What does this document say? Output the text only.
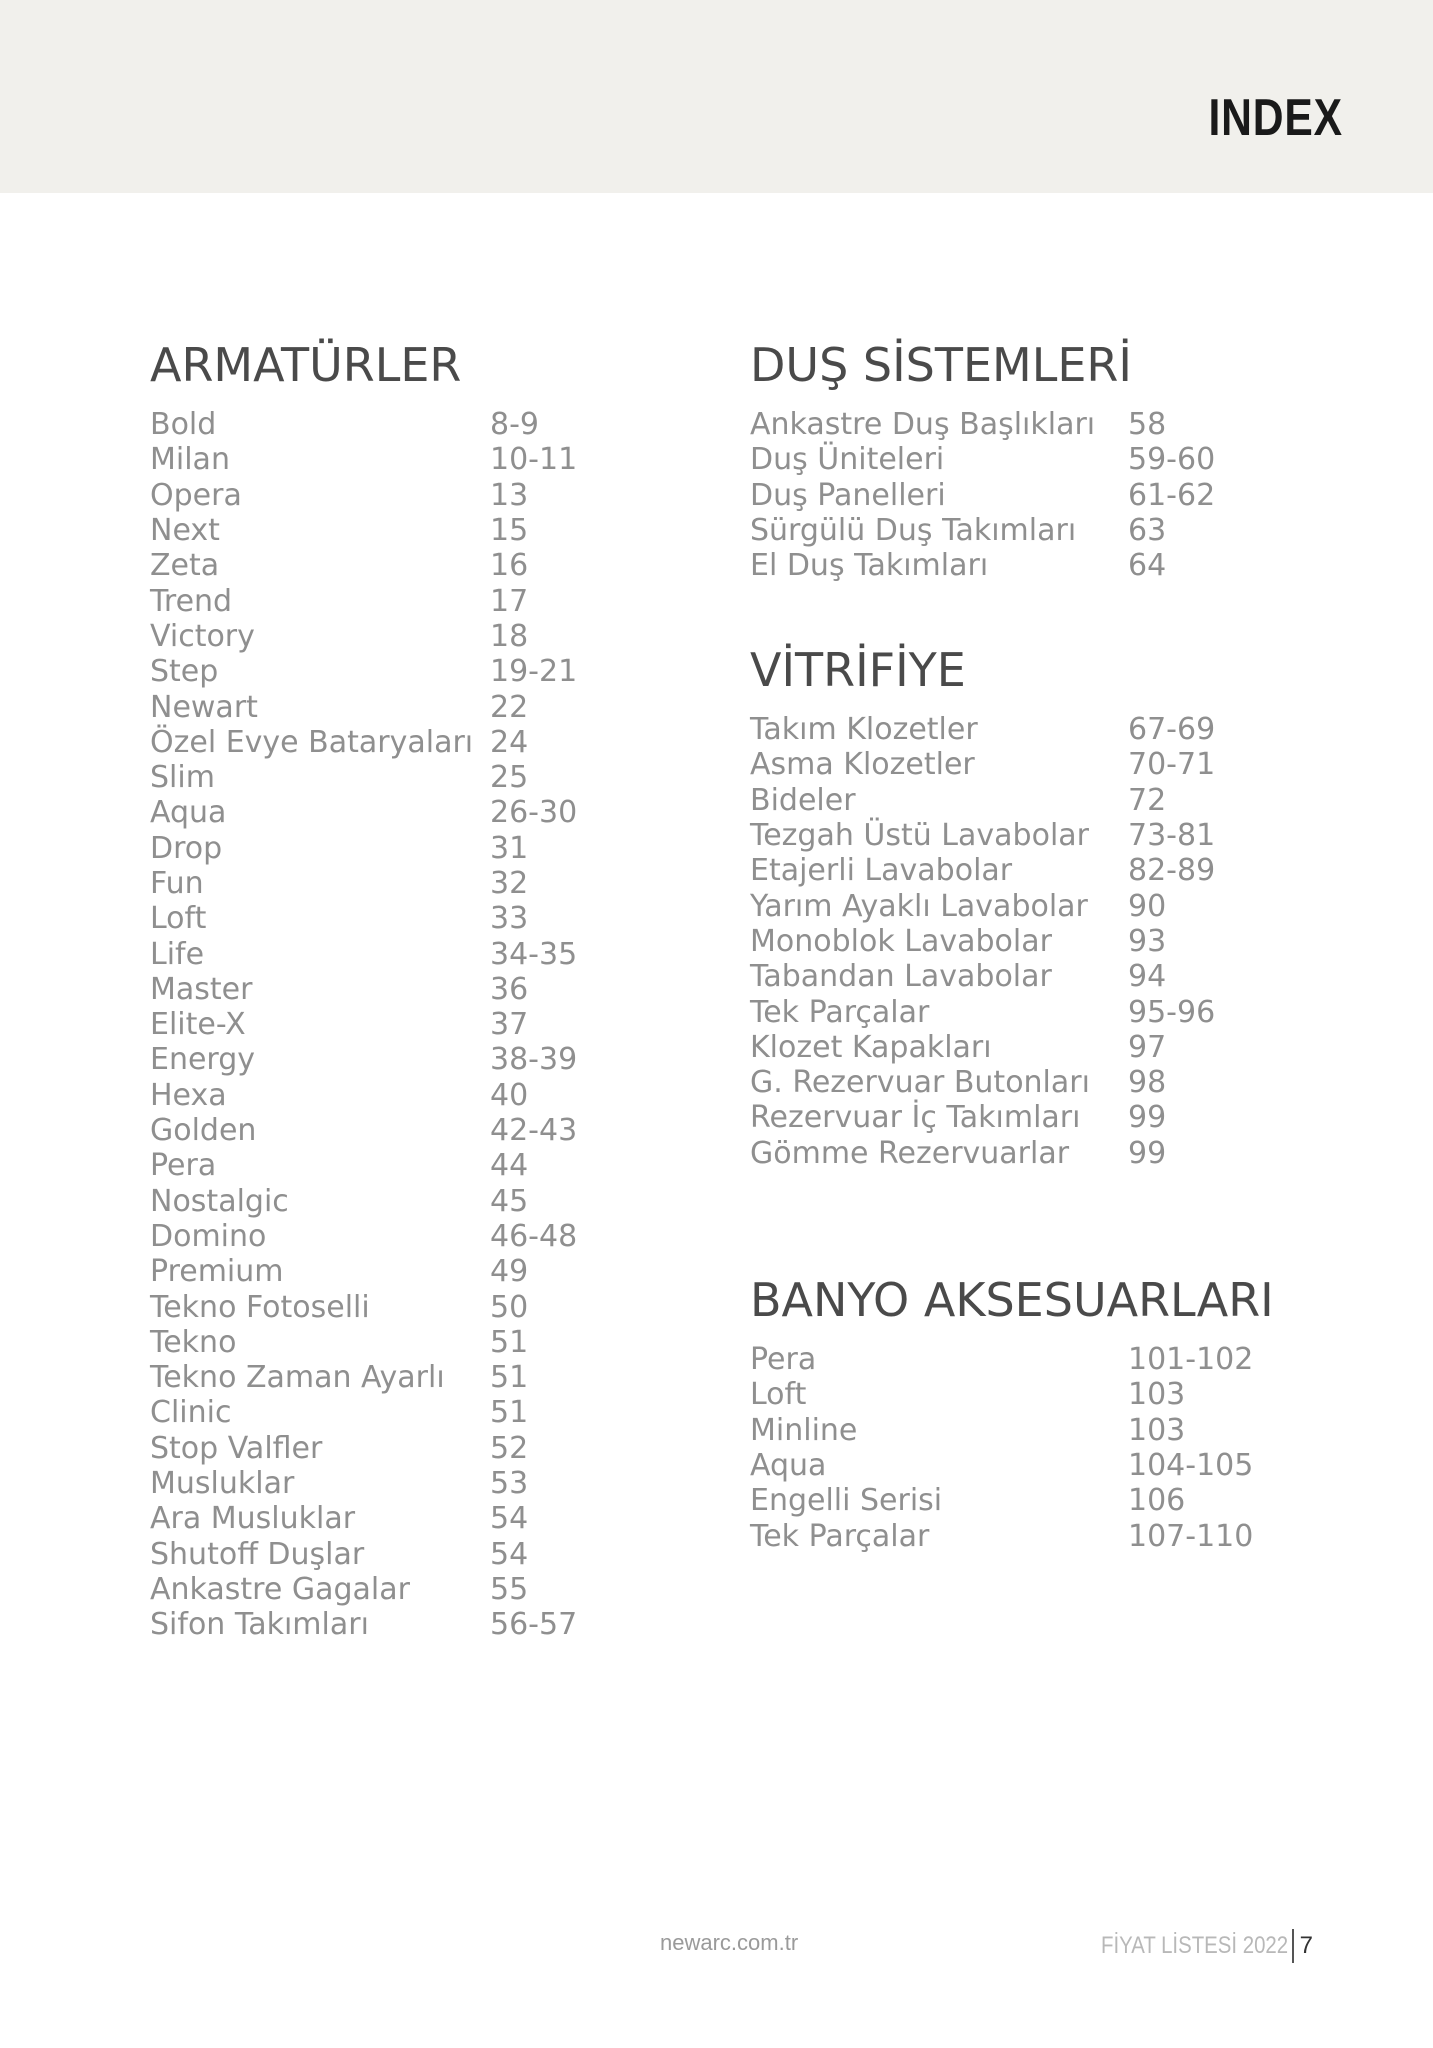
INDEX
ARMATÜRLER
Bold	8-9
Milan	10-11
Opera	13
Next	15
Zeta	16
Trend	17
Victory	18
Step	19-21
Newart	22
Özel Evye Bataryaları 24
Slim	25
Aqua	26-30
Drop	31
Fun	32
Loft	33
Life	34-35
Master	36
Elite-X	37
Energy	38-39
Hexa	40
Golden	42-43
Pera	44
Nostalgic	45
Domino	46-48
Premium	49
Tekno Fotoselli	50
Tekno	51
Tekno Zaman Ayarlı	51
Clinic	51
Stop Valfler	52
Musluklar	53
Ara Musluklar	54
Shutoff Duşlar	54
Ankastre Gagalar	55
Sifon Takımları	56-57
DUŞ SİSTEMLERİ
Ankastre Duş Başlıkları	58
Duş Üniteleri	59-60
Duş Panelleri	61-62
Sürgülü Duş Takımları	63
El Duş Takımları	64
VİTRİFİYE
Takım Klozetler	67-69
Asma Klozetler	70-71
Bideler	72
Tezgah Üstü Lavabolar	73-81
Etajerli Lavabolar	82-89
Yarım Ayaklı Lavabolar	90
Monoblok Lavabolar	93
Tabandan Lavabolar	94
Tek Parçalar	95-96
Klozet Kapakları	97
G. Rezervuar Butonları	98
Rezervuar İç Takımları	99
Gömme Rezervuarlar	99
BANYO AKSESUARLARI
Pera	101-102
Loft	103
Minline	103
Aqua	104-105
Engelli Serisi	106
Tek Parçalar	107-110
newarc.com.tr	FİYAT LİSTESİ 2022 7
